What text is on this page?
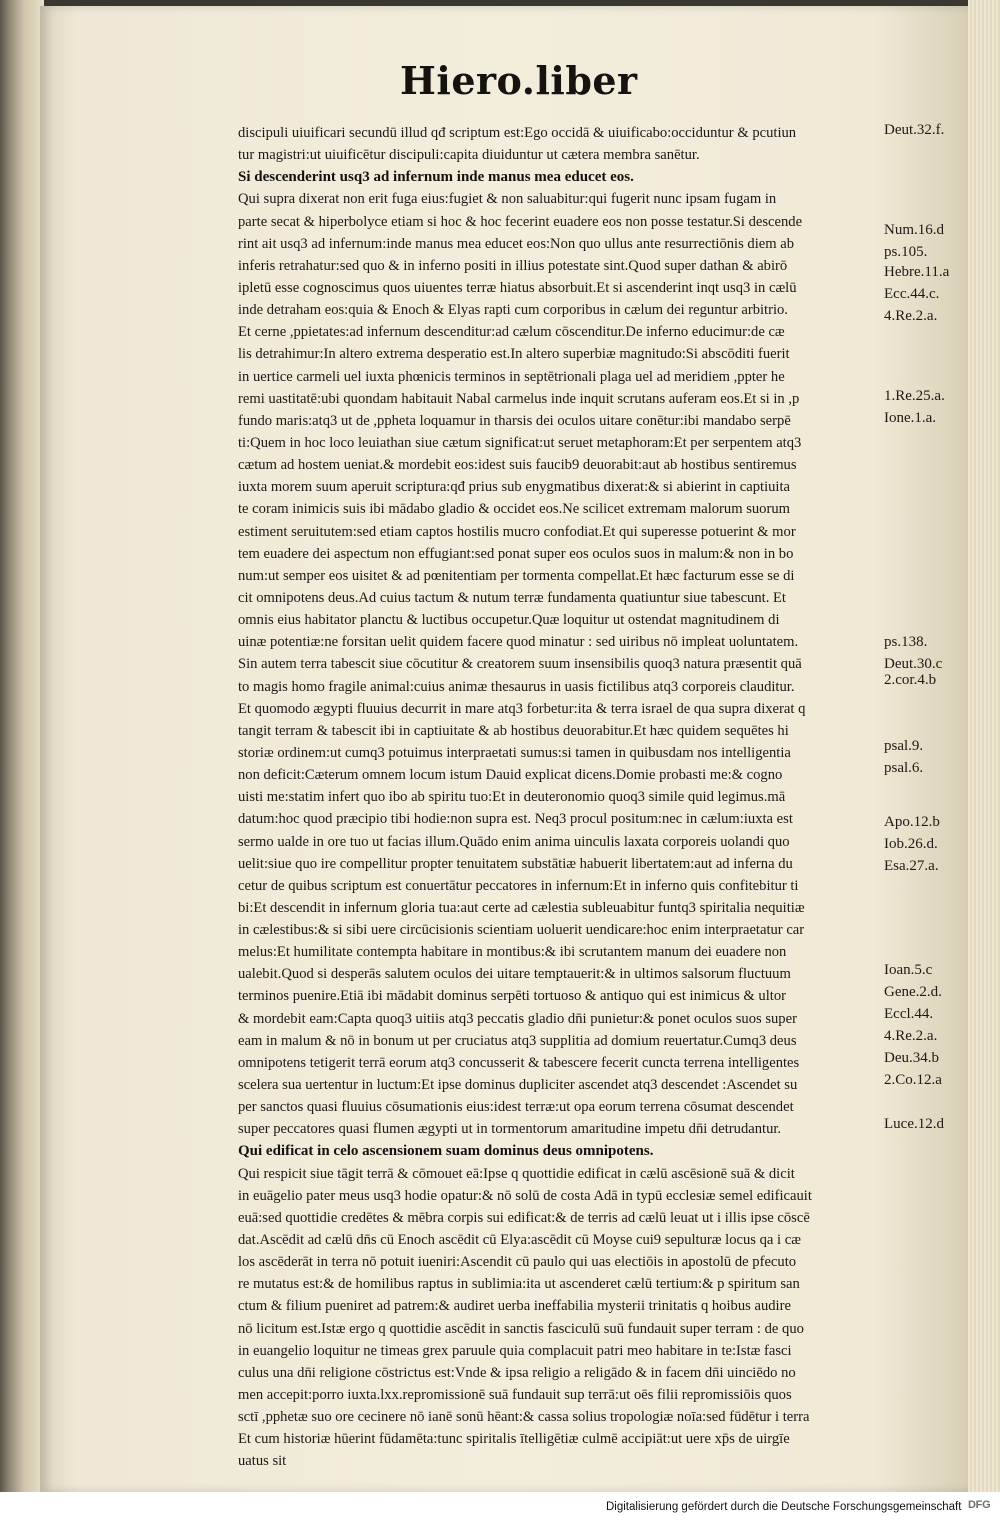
Hiero.liber
discipuli uiuificari secundū illud qđ scriptum est:Ego occidā & uiuificabo:occiduntur & pcutiun
tur magistri:ut uiuificētur discipuli:capita diuiduntur ut cætera membra sanētur.
Si descenderint usq3 ad infernum inde manus mea educet eos.
Qui supra dixerat non erit fuga eius:fugiet & non saluabitur:qui fugerit nunc ipsam fugam in
parte secat & hiperbolyce etiam si hoc & hoc fecerint euadere eos non posse testatur.Si descende
rint ait usq3 ad infernum:inde manus mea educet eos:Non quo ullus ante resurrectiōnis diem ab
inferis retrahatur:sed quo & in inferno positi in illius potestate sint.Quod super dathan & abirō
ipletū esse cognoscimus quos uiuentes terræ hiatus absorbuit.Et si ascenderint inqt usq3 in cælū
inde detraham eos:quia & Enoch & Elyas rapti cum corporibus in cælum dei reguntur arbitrio.
Et cerne ,ppietates:ad infernum descenditur:ad cælum cōscenditur.De inferno educimur:de cæ
lis detrahimur:In altero extrema desperatio est.In altero superbiæ magnitudo:Si abscōditi fuerit
in uertice carmeli uel iuxta phœnicis terminos in septētrionali plaga uel ad meridiem ,ppter he
remi uastitatē:ubi quondam habitauit Nabal carmelus inde inquit scrutans auferam eos.Et si in ,p
fundo maris:atq3 ut de ,ppheta loquamur in tharsis dei oculos uitare conētur:ibi mandabo serpē
ti:Quem in hoc loco leuiathan siue cætum significat:ut seruet metaphoram:Et per serpentem atq3
cætum ad hostem ueniat.& mordebit eos:idest suis faucib9 deuorabit:aut ab hostibus sentiremus
iuxta morem suum aperuit scriptura:qđ prius sub enygmatibus dixerat:& si abierint in captiuita
te coram inimicis suis ibi mādabo gladio & occidet eos.Ne scilicet extremam malorum suorum
estiment seruitutem:sed etiam captos hostilis mucro confodiat.Et qui superesse potuerint & mor
tem euadere dei aspectum non effugiant:sed ponat super eos oculos suos in malum:& non in bo
num:ut semper eos uisitet & ad pœnitentiam per tormenta compellat.Et hæc facturum esse se di
cit omnipotens deus.Ad cuius tactum & nutum terræ fundamenta quatiuntur siue tabescunt. Et
omnis eius habitator planctu & luctibus occupetur.Quæ loquitur ut ostendat magnitudinem di
uinæ potentiæ:ne forsitan uelit quidem facere quod minatur : sed uiribus nō impleat uoluntatem.
Sin autem terra tabescit siue cōcutitur & creatorem suum insensibilis quoq3 natura præsentit quā
to magis homo fragile animal:cuius animæ thesaurus in uasis fictilibus atq3 corporeis clauditur.
Et quomodo ægypti fluuius decurrit in mare atq3 forbetur:ita & terra israel de qua supra dixerat q
tangit terram & tabescit ibi in captiuitate & ab hostibus deuorabitur.Et hæc quidem sequētes hi
storiæ ordinem:ut cumq3 potuimus interpraetati sumus:si tamen in quibusdam nos intelligentia
non deficit:Cæterum omnem locum istum Dauid explicat dicens.Domie probasti me:& cogno
uisti me:statim infert quo ibo ab spiritu tuo:Et in deuteronomio quoq3 simile quid legimus.mā
datum:hoc quod præcipio tibi hodie:non supra est. Neq3 procul positum:nec in cælum:iuxta est
sermo ualde in ore tuo ut facias illum.Quādo enim anima uinculis laxata corporeis uolandi quo
uelit:siue quo ire compellitur propter tenuitatem substātiæ habuerit libertatem:aut ad inferna du
cetur de quibus scriptum est conuertātur peccatores in infernum:Et in inferno quis confitebitur ti
bi:Et descendit in infernum gloria tua:aut certe ad cælestia subleuabitur funtq3 spiritalia nequitiæ
in cælestibus:& si sibi uere circūcisionis scientiam uoluerit uendicare:hoc enim interpraetatur car
melus:Et humilitate contempta habitare in montibus:& ibi scrutantem manum dei euadere non
ualebit.Quod si desperās salutem oculos dei uitare temptauerit:& in ultimos salsorum fluctuum
terminos puenire.Etiā ibi mādabit dominus serpēti tortuoso & antiquo qui est inimicus & ultor
& mordebit eam:Capta quoq3 uitiis atq3 peccatis gladio dn̄i punietur:& ponet oculos suos super
eam in malum & nō in bonum ut per cruciatus atq3 supplitia ad domium reuertatur.Cumq3 deus
omnipotens tetigerit terrā eorum atq3 concusserit & tabescere fecerit cuncta terrena intelligentes
scelera sua uertentur in luctum:Et ipse dominus dupliciter ascendet atq3 descendet :Ascendet su
per sanctos quasi fluuius cōsumationis eius:idest terræ:ut opa eorum terrena cōsumat descendet
super peccatores quasi flumen ægypti ut in tormentorum amaritudine impetu dn̄i detrudantur.
Qui edificat in celo ascensionem suam dominus deus omnipotens.
Qui respicit siue tāgit terrā & cōmouet eā:Ipse q quottidie edificat in cælū ascēsionē suā & dicit
in euāgelio pater meus usq3 hodie opatur:& nō solū de costa Adā in typū ecclesiæ semel edificauit
euā:sed quottidie credētes & mēbra corpis sui edificat:& de terris ad cælū leuat ut i illis ipse cōscē
dat.Ascēdit ad cælū dn̄s cū Enoch ascēdit cū Elya:ascēdit cū Moyse cui9 sepulturæ locus qa i cæ
los ascēderāt in terra nō potuit iueniri:Ascendit cū paulo qui uas electiōis in apostolū de pfecuto
re mutatus est:& de homilibus raptus in sublimia:ita ut ascenderet cælū tertium:& p spiritum san
ctum & filium pueniret ad patrem:& audiret uerba ineffabilia mysterii trinitatis q hoibus audire
nō licitum est.Istæ ergo q quottidie ascēdit in sanctis fasciculū suū fundauit super terram : de quo
in euangelio loquitur ne timeas grex paruule quia complacuit patri meo habitare in te:Istæ fasci
culus una dn̄i religione cōstrictus est:Vnde & ipsa religio a religādo & in facem dn̄i uinciēdo no
men accepit:porro iuxta.lxx.repromissionē suā fundauit sup terrā:ut oēs filii repromissiōis quos
sctī ,pphetæ suo ore cecinere nō ianē sonū hēant:& cassa solius tropologiæ noīa:sed fūdētur i terra
Et cum historiæ hūerint fūdamēta:tunc spiritalis ītelligētiæ culmē accipiāt:ut uere xp̄s de uirgīe
uatus sit
Deut.32.f.
Num.16.d
ps.105.
Hebre.11.a
Ecc.44.c.
4.Re.2.a.
1.Re.25.a.
Ione.1.a.
2.cor.4.b
ps.138.
Deut.30.c
psal.9.
psal.6.
Apo.12.b
Iob.26.d.
Esa.27.a.
Ioan.5.c
Gene.2.d.
Eccl.44.
4.Re.2.a.
Deu.34.b
2.Co.12.a
Luce.12.d
Digitalisierung gefördert durch die Deutsche Forschungsgemeinschaft DFG
